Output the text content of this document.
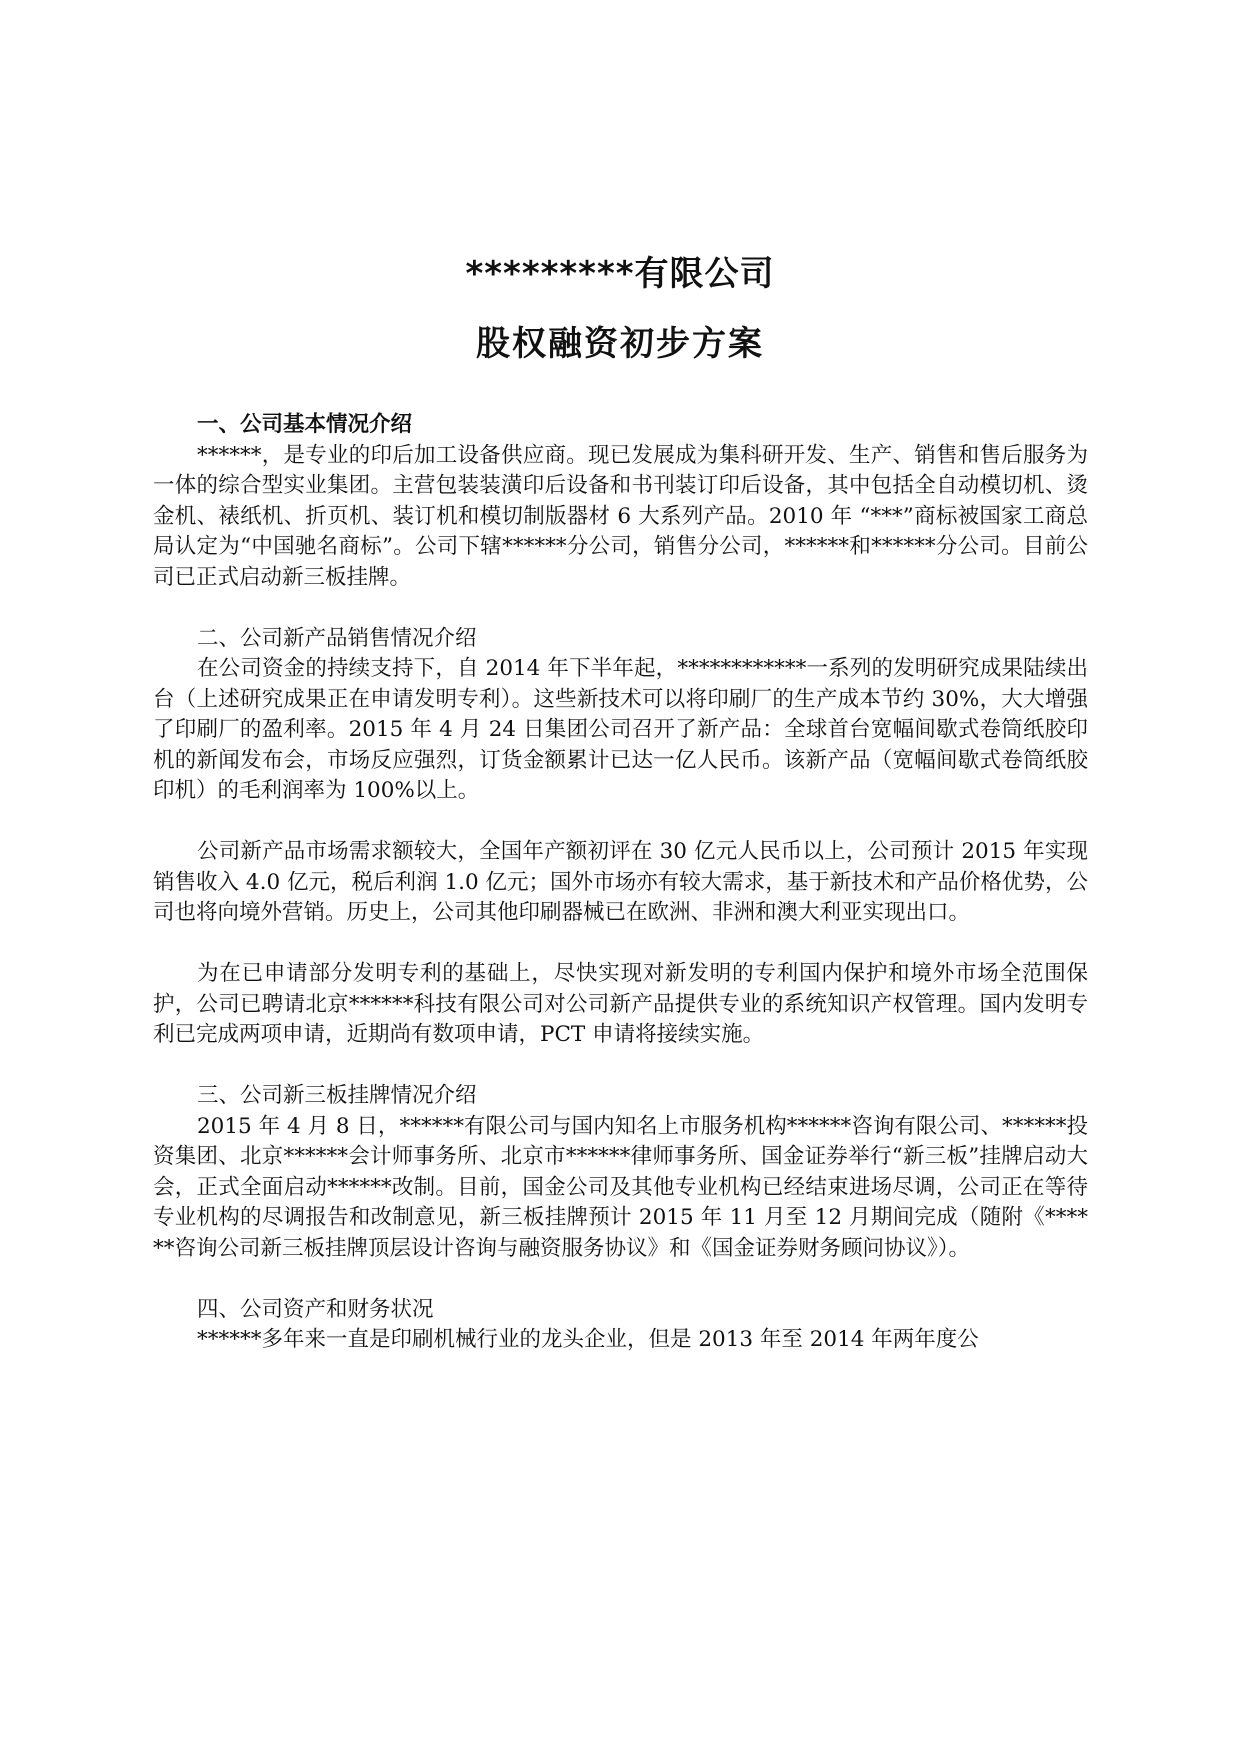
*********有限公司
股权融资初步方案
一、公司基本情况介绍

******，是专业的印后加工设备供应商。现已发展成为集科研开发、生产、销售和售后服务为一体的综合型实业集团。主营包装装潢印后设备和书刊装订印后设备，其中包括全自动模切机、烫金机、裱纸机、折页机、装订机和模切制版器材 6 大系列产品。2010 年 “***”商标被国家工商总局认定为“中国驰名商标”。公司下辖******分公司，销售分公司，******和******分公司。目前公司已正式启动新三板挂牌。

二、公司新产品销售情况介绍

在公司资金的持续支持下，自 2014 年下半年起，************一系列的发明研究成果陆续出台（上述研究成果正在申请发明专利）。这些新技术可以将印刷厂的生产成本节约 30%，大大增强了印刷厂的盈利率。2015 年 4 月 24 日集团公司召开了新产品：全球首台宽幅间歇式卷筒纸胶印机的新闻发布会，市场反应强烈，订货金额累计已达一亿人民币。该新产品（宽幅间歇式卷筒纸胶印机）的毛利润率为 100%以上。

公司新产品市场需求额较大，全国年产额初评在 30 亿元人民币以上，公司预计 2015 年实现销售收入 4.0 亿元，税后利润 1.0 亿元；国外市场亦有较大需求，基于新技术和产品价格优势，公司也将向境外营销。历史上，公司其他印刷器械已在欧洲、非洲和澳大利亚实现出口。

为在已申请部分发明专利的基础上，尽快实现对新发明的专利国内保护和境外市场全范围保护，公司已聘请北京******科技有限公司对公司新产品提供专业的系统知识产权管理。国内发明专利已完成两项申请，近期尚有数项申请，PCT 申请将接续实施。

三、公司新三板挂牌情况介绍

2015 年 4 月 8 日，******有限公司与国内知名上市服务机构******咨询有限公司、******投资集团、北京******会计师事务所、北京市******律师事务所、国金证券举行“新三板”挂牌启动大会，正式全面启动******改制。目前，国金公司及其他专业机构已经结束进场尽调，公司正在等待专业机构的尽调报告和改制意见，新三板挂牌预计 2015 年 11 月至 12 月期间完成（随附《******咨询公司新三板挂牌顶层设计咨询与融资服务协议》和《国金证券财务顾问协议》）。

四、公司资产和财务状况

******多年来一直是印刷机械行业的龙头企业，但是 2013 年至 2014 年两年度公
